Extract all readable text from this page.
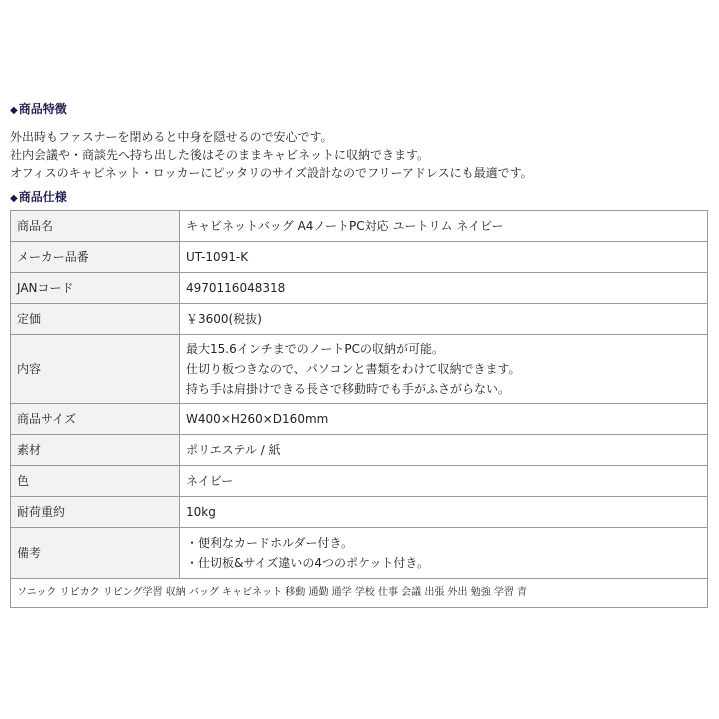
◆商品特徴
外出時もファスナーを閉めると中身を隠せるので安心です。
社内会議や・商談先へ持ち出した後はそのままキャビネットに収納できます。
オフィスのキャビネット・ロッカーにピッタリのサイズ設計なのでフリーアドレスにも最適です。
◆商品仕様
商品名	キャビネットバッグ A4ノートPC対応 ユートリム ネイビー

メーカー品番	UT-1091-K

JANコード	4970116048318

定価	￥3600(税抜)

内容	最大15.6インチまでのノートPCの収納が可能。
仕切り板つきなので、パソコンと書類をわけて収納できます。
持ち手は肩掛けできる長さで移動時でも手がふさがらない。

商品サイズ	W400×H260×D160mm

素材	ポリエステル / 紙

色	ネイビー

耐荷重約	10kg

備考	・便利なカードホルダー付き。
・仕切板&サイズ違いの4つのポケット付き。

ソニック リピカク リピング学習 収納 バッグ キャビネット 移動 通勤 通学 学校 仕事 会議 出張 外出 勉強 学習 青	
